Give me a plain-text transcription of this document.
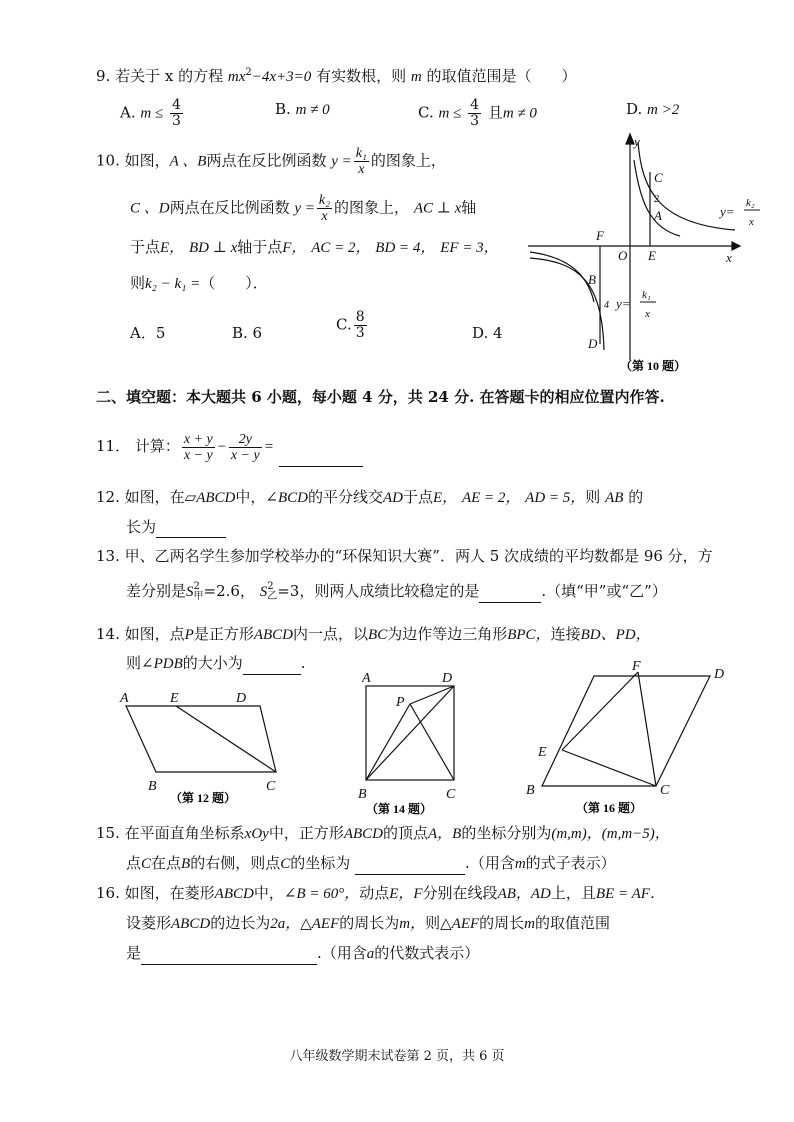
9. 若关于 x 的方程 $mx^2-4x+3=0$ 有实数根，则 m 的取值范围是（　　）
A. $m \le \frac{4}{3}$	B. m ≠ 0	C. $m \le \frac{4}{3}$ 且m ≠ 0	D. m >2
10. 如图，A 、B两点在反比例函数 $y = \frac{\text{k₁}}{x}$ 的图象上，
C 、D两点在反比例函数 $y = \frac{\text{k₂}}{x}$ 的图象上， AC ⊥ x轴
于点E， BD ⊥ x轴于点F， AC = 2， BD = 4， EF = 3，
则k₂ − k₁ =（　　）．
A．5	B. 6	C. $\frac{8}{3}$	D. 4
y
x
O
C
A
2
E
F
B
4
D
y=
k₂
x
y=
k₁
x
（第 10 题）
二、填空题：本大题共 6 小题，每小题 4 分，共 24 分. 在答题卡的相应位置内作答.
11． 计算： $\frac{x + y}{x - y} - \frac{2y}{x - y}$ =
12. 如图，在▱ABCD中，∠BCD的平分线交AD于点E， AE = 2， AD = 5，则 AB 的
长为
13. 甲、乙两名学生参加学校举办的“环保知识大赛”．两人 5 次成绩的平均数都是 96 分，方
差分别是S 2
甲 =2.6， S 2
乙 =3，则两人成绩比较稳定的是	.（填“甲”或“乙”）
14. 如图，点P是正方形ABCD内一点，以BC为边作等边三角形BPC，连接BD、PD，
则∠PDB的大小为	.
A	E	D
B	C
（第 12 题）
A	D
P
B	C
（第 14 题）
F
D
E
B	C
（第 16 题）
15. 在平面直角坐标系xOy中，正方形ABCD的顶点A，B的坐标分别为(m,m)，(m,m−5)，
点C在点B的右侧，则点C的坐标为	.（用含m的式子表示）
16. 如图，在菱形ABCD中，∠B = 60°，动点E，F分别在线段AB，AD上，且BE = AF．
设菱形ABCD的边长为2a，△AEF的周长为m，则△AEF的周长m的取值范围
是	.（用含a的代数式表示）
八年级数学期末试卷第 2 页，共 6 页
